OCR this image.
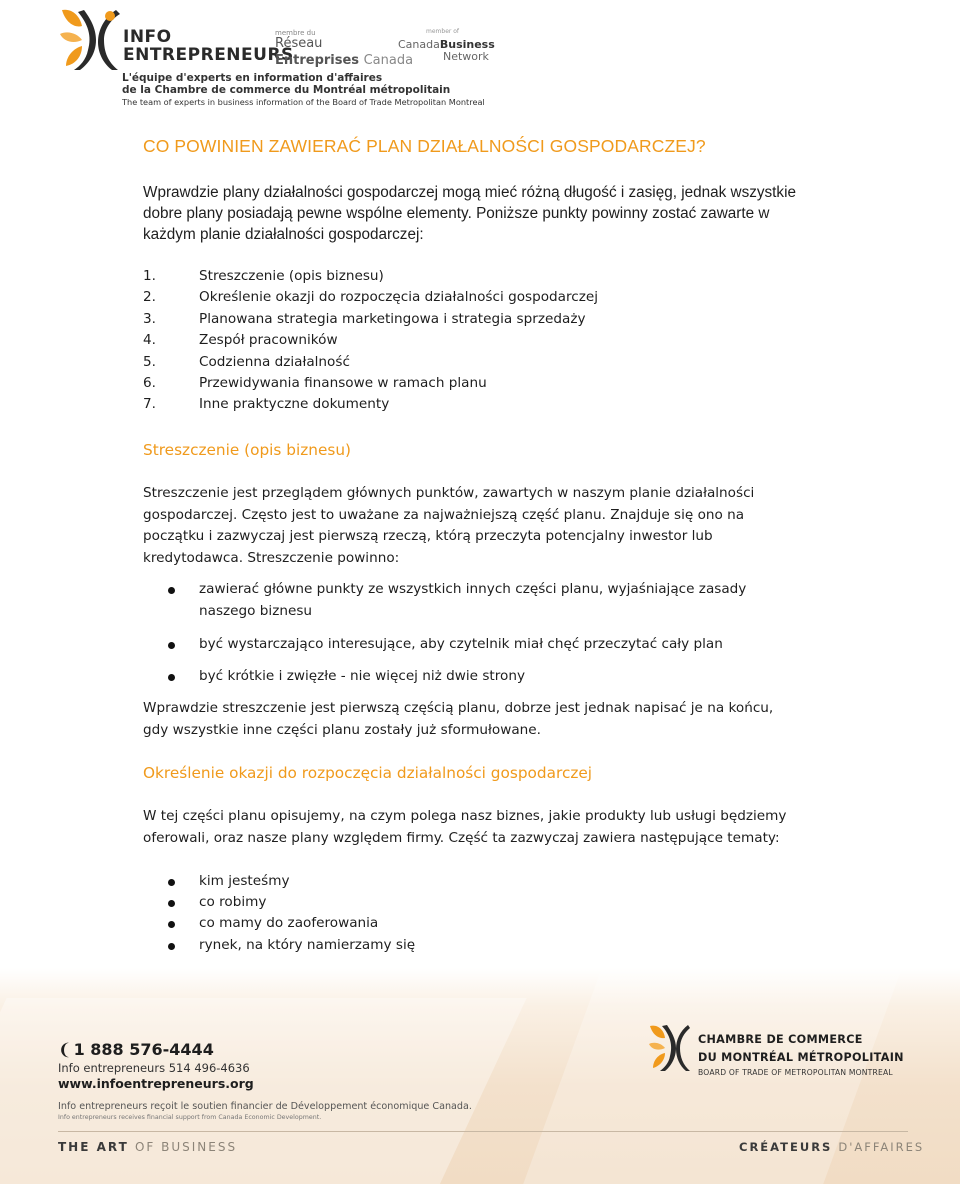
INFO
ENTREPRENEURS
membre du
Réseau
Entreprises Canada
member of
CanadaBusiness
Network
L'équipe d'experts en information d'affaires
de la Chambre de commerce du Montréal métropolitain
The team of experts in business information of the Board of Trade Metropolitan Montreal
CO POWINIEN ZAWIERAĆ PLAN DZIAŁALNOŚCI GOSPODARCZEJ?
Wprawdzie plany działalności gospodarczej mogą mieć różną długość i zasięg, jednak wszystkie
dobre plany posiadają pewne wspólne elementy. Poniższe punkty powinny zostać zawarte w
każdym planie działalności gospodarczej:
1.	Streszczenie (opis biznesu)
2.	Określenie okazji do rozpoczęcia działalności gospodarczej
3.	Planowana strategia marketingowa i strategia sprzedaży
4.	Zespół pracowników
5.	Codzienna działalność
6.	Przewidywania finansowe w ramach planu
7.	Inne praktyczne dokumenty
Streszczenie (opis biznesu)
Streszczenie jest przeglądem głównych punktów, zawartych w naszym planie działalności
gospodarczej. Często jest to uważane za najważniejszą część planu. Znajduje się ono na
początku i zazwyczaj jest pierwszą rzeczą, którą przeczyta potencjalny inwestor lub
kredytodawca. Streszczenie powinno:
zawierać główne punkty ze wszystkich innych części planu, wyjaśniające zasady
naszego biznesu
być wystarczająco interesujące, aby czytelnik miał chęć przeczytać cały plan
być krótkie i zwięzłe - nie więcej niż dwie strony
Wprawdzie streszczenie jest pierwszą częścią planu, dobrze jest jednak napisać je na końcu,
gdy wszystkie inne części planu zostały już sformułowane.
Określenie okazji do rozpoczęcia działalności gospodarczej
W tej części planu opisujemy, na czym polega nasz biznes, jakie produkty lub usługi będziemy
oferowali, oraz nasze plany względem firmy. Część ta zazwyczaj zawiera następujące tematy:
kim jesteśmy
co robimy
co mamy do zaoferowania
rynek, na który namierzamy się
❨ 1 888 576-4444
Info entrepreneurs 514 496-4636
www.infoentrepreneurs.org
Info entrepreneurs reçoit le soutien financier de Développement économique Canada.
Info entrepreneurs receives financial support from Canada Economic Development.
CHAMBRE DE COMMERCE
DU MONTRÉAL MÉTROPOLITAIN
BOARD OF TRADE OF METROPOLITAN MONTREAL
THE ART OF BUSINESS	CRÉATEURS D'AFFAIRES
